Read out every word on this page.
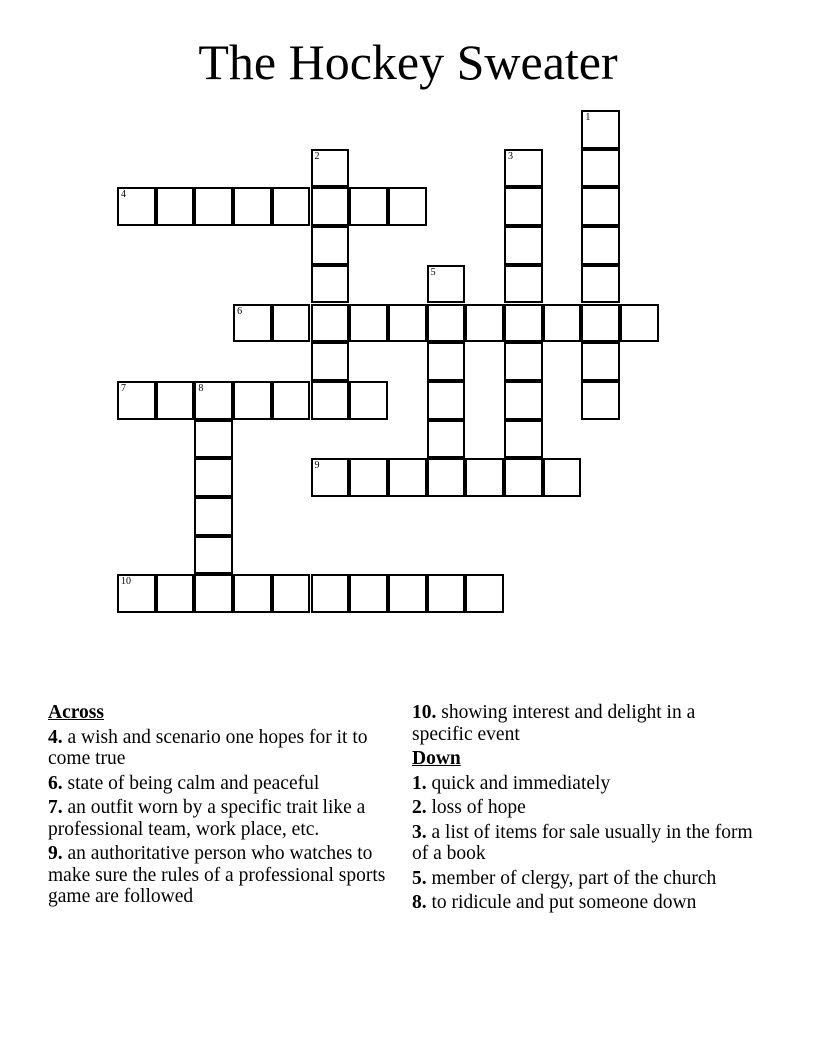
The Hockey Sweater
1
2	3
4
5
6
7	8
9
10
Across
4. a wish and scenario one hopes for it to come true
6. state of being calm and peaceful
7. an outfit worn by a specific trait like a professional team, work place, etc.
9. an authoritative person who watches to make sure the rules of a professional sports game are followed
10. showing interest and delight in a specific event
Down
1. quick and immediately
2. loss of hope
3. a list of items for sale usually in the form of a book
5. member of clergy, part of the church
8. to ridicule and put someone down
